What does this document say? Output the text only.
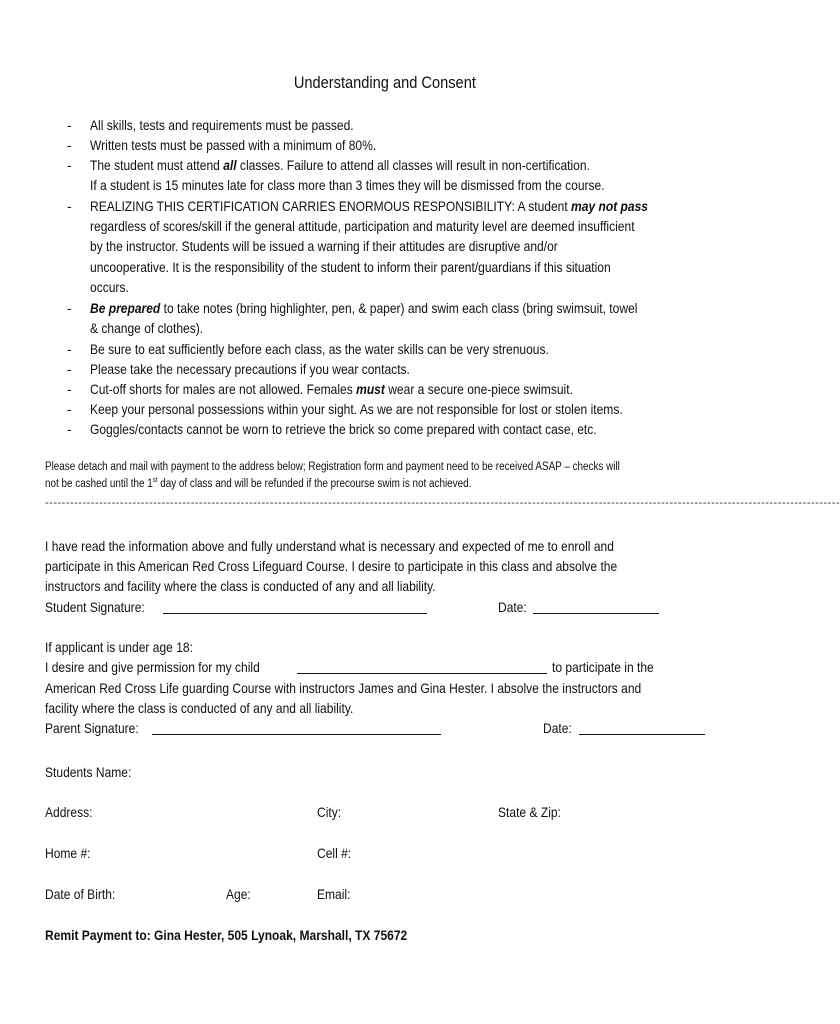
Understanding and Consent
-
-
-
-
-
-
-
-
-
-
All skills, tests and requirements must be passed.
Written tests must be passed with a minimum of 80%.
The student must attend all classes. Failure to attend all classes will result in non-certification.
If a student is 15 minutes late for class more than 3 times they will be dismissed from the course.
REALIZING THIS CERTIFICATION CARRIES ENORMOUS RESPONSIBILITY: A student may not pass
regardless of scores/skill if the general attitude, participation and maturity level are deemed insufficient
by the instructor. Students will be issued a warning if their attitudes are disruptive and/or
uncooperative. It is the responsibility of the student to inform their parent/guardians if this situation
occurs.
Be prepared to take notes (bring highlighter, pen, & paper) and swim each class (bring swimsuit, towel
& change of clothes).
Be sure to eat sufficiently before each class, as the water skills can be very strenuous.
Please take the necessary precautions if you wear contacts.
Cut-off shorts for males are not allowed. Females must wear a secure one-piece swimsuit.
Keep your personal possessions within your sight. As we are not responsible for lost or stolen items.
Goggles/contacts cannot be worn to retrieve the brick so come prepared with contact case, etc.
Please detach and mail with payment to the address below; Registration form and payment need to be received ASAP – checks will
not be cashed until the 1st day of class and will be refunded if the precourse swim is not achieved.
-----------------------------------------------------------------------------------------------------------------------------------------------------------------------------------------------
I have read the information above and fully understand what is necessary and expected of me to enroll and
participate in this American Red Cross Lifeguard Course. I desire to participate in this class and absolve the
instructors and facility where the class is conducted of any and all liability.
Student Signature:	Date:
If applicant is under age 18:
I desire and give permission for my child	to participate in the
American Red Cross Life guarding Course with instructors James and Gina Hester. I absolve the instructors and
facility where the class is conducted of any and all liability.
Parent Signature:	Date:
Students Name:
Address:	City:	State & Zip:
Home #:	Cell #:
Date of Birth:	Age:	Email:
Remit Payment to: Gina Hester, 505 Lynoak, Marshall, TX 75672
